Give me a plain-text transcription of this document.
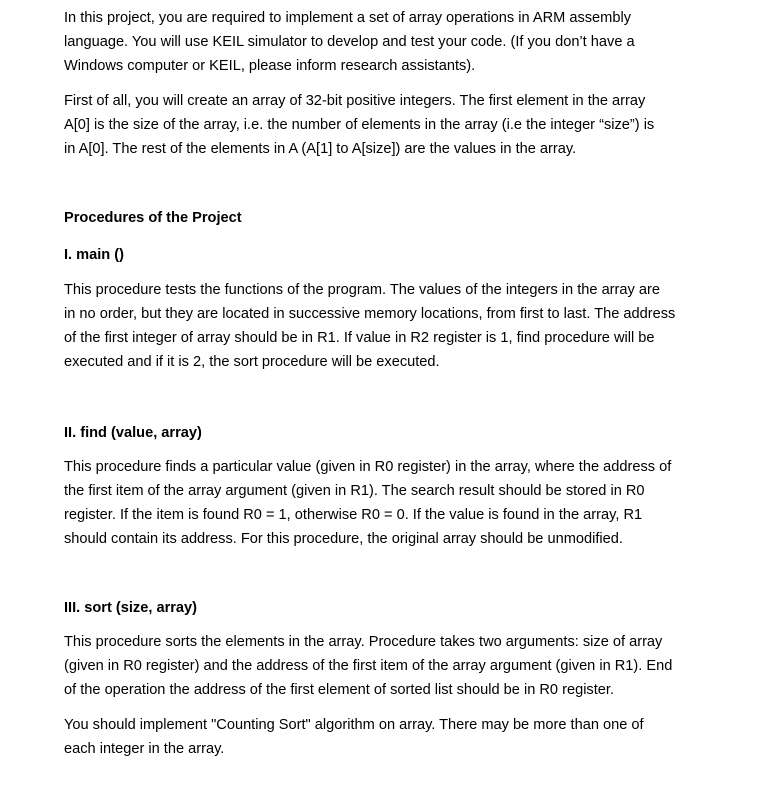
In this project, you are required to implement a set of array operations in ARM assembly
language. You will use KEIL simulator to develop and test your code. (If you don’t have a
Windows computer or KEIL, please inform research assistants).

First of all, you will create an array of 32-bit positive integers. The first element in the array
A[0] is the size of the array, i.e. the number of elements in the array (i.e the integer “size”) is
in A[0]. The rest of the elements in A (A[1] to A[size]) are the values in the array.

Procedures of the Project
I. main ()

This procedure tests the functions of the program. The values of the integers in the array are
in no order, but they are located in successive memory locations, from first to last. The address
of the first integer of array should be in R1. If value in R2 register is 1, find procedure will be
executed and if it is 2, the sort procedure will be executed.

II. find (value, array)

This procedure finds a particular value (given in R0 register) in the array, where the address of
the first item of the array argument (given in R1). The search result should be stored in R0
register. If the item is found R0 = 1, otherwise R0 = 0. If the value is found in the array, R1
should contain its address. For this procedure, the original array should be unmodified.

III. sort (size, array)

This procedure sorts the elements in the array. Procedure takes two arguments: size of array
(given in R0 register) and the address of the first item of the array argument (given in R1). End
of the operation the address of the first element of sorted list should be in R0 register.

You should implement "Counting Sort" algorithm on array. There may be more than one of
each integer in the array.
